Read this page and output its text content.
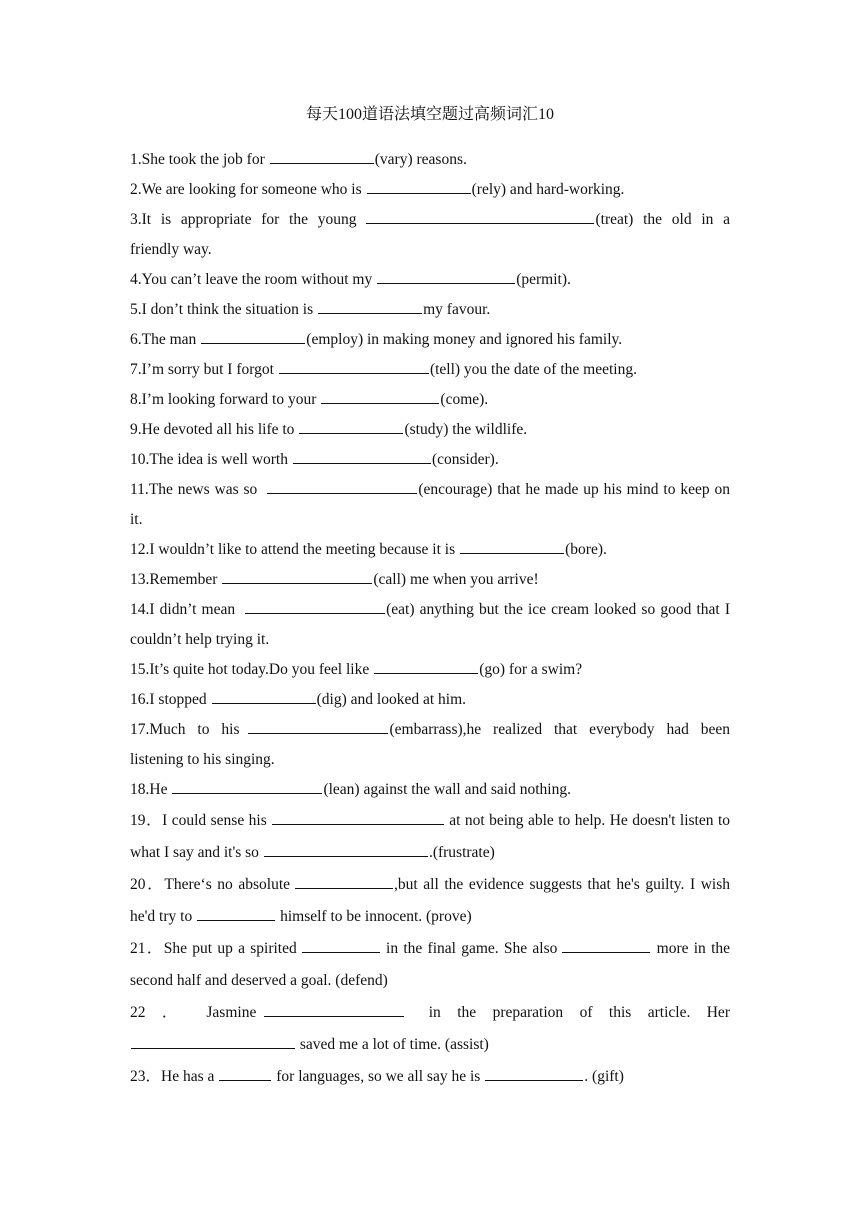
每天100道语法填空题过高频词汇10

1.She took the job for	(vary) reasons.

2.We are looking for someone who is	(rely) and hard-working.

3.It is appropriate for the young	(treat) the old in a friendly way.

4.You can’t leave the room without my	(permit).

5.I don’t think the situation is	my favour.

6.The man	(employ) in making money and ignored his family.

7.I’m sorry but I forgot	(tell) you the date of the meeting.

8.I’m looking forward to your	(come).

9.He devoted all his life to	(study) the wildlife.

10.The idea is well worth	(consider).

11.The news was so	(encourage) that he made up his mind to keep on it.

12.I wouldn’t like to attend the meeting because it is	(bore).

13.Remember	(call) me when you arrive!

14.I didn’t mean	(eat) anything but the ice cream looked so good that I couldn’t help trying it.

15.It’s quite hot today.Do you feel like	(go) for a swim?

16.I stopped	(dig) and looked at him.

17.Much to his	(embarrass),he realized that everybody had been listening to his singing.

18.He	(lean) against the wall and said nothing.

19．I could sense his	at not being able to help. He doesn't listen to what I say and it's so	.(frustrate)

20．There‘s no absolute	,but all the evidence suggests that he's guilty. I wish he'd try to	himself to be innocent. (prove)

21．She put up a spirited	in the final game. She also	more in the second half and deserved a goal. (defend)

22 ． Jasmine	in the preparation of this article. Her  saved me a lot of time. (assist)

23．He has a	for languages, so we all say he is	. (gift)
